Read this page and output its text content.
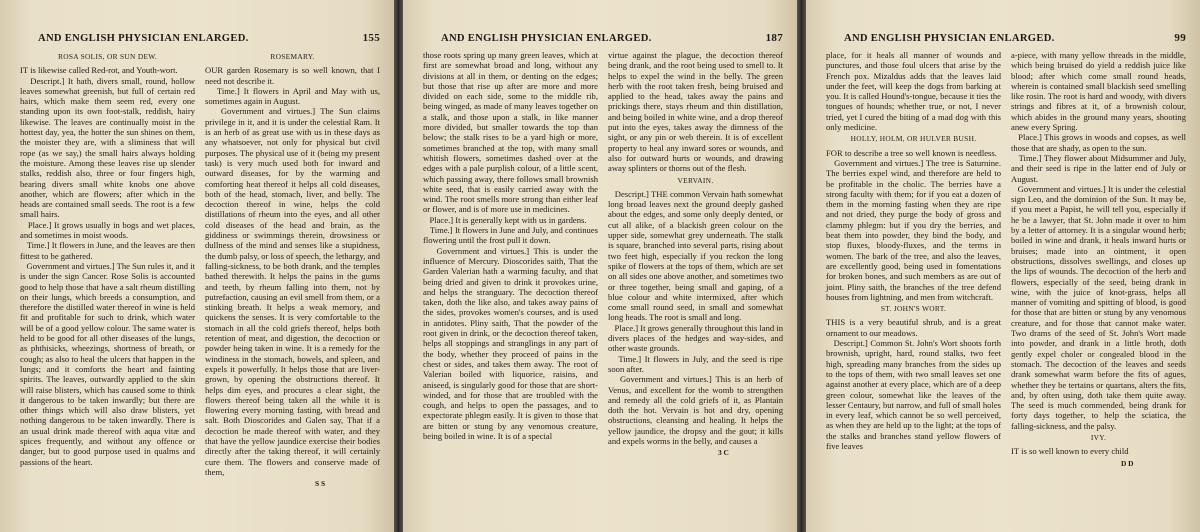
AND ENGLISH PHYSICIAN ENLARGED.	155
ROSA SOLIS, OR SUN DEW.

IT is likewise called Red-rot, and Youth-wort.
Descript.] It hath, divers small, round, hollow leaves somewhat greenish, but full of certain red hairs, which make them seem red, every one standing upon its own foot-stalk, reddish, hairy likewise. The leaves are continually moist in the hottest day, yea, the hotter the sun shines on them, the moister they are, with a sliminess that will rope (as we say,) the small hairs always holding the moisture. Among these leaves rise up slender stalks, reddish also, three or four fingers high, bearing divers small white knobs one above another, which are flowers; after which in the heads are contained small seeds. The root is a few small hairs.
Place.] It grows usually in bogs and wet places, and sometimes in moist woods.
Time.] It flowers in June, and the leaves are then fittest to be gathered.
Government and virtues.] The Sun rules it, and it is under the sign Cancer. Rose Solis is accounted good to help those that have a salt rheum distilling on their lungs, which breeds a consumption, and therefore the distilled water thereof in wine is held fit and profitable for such to drink, which water will be of a good yellow colour. The same water is held to be good for all other diseases of the lungs, as phthisicks, wheezings, shortness of breath, or cough; as also to heal the ulcers that happen in the lungs; and it comforts the heart and fainting spirits. The leaves, outwardly applied to the skin will raise blisters, which has caused some to think it dangerous to be taken inwardly; but there are other things which will also draw blisters, yet nothing dangerous to be taken inwardly. There is an usual drink made thereof with aqua vitæ and spices frequently, and without any offence or danger, but to good purpose used in qualms and passions of the heart.

ROSEMARY.

OUR garden Rosemary is so well known, that I need not describe it.
Time.] It flowers in April and May with us, sometimes again in August.
Government and virtues.] The Sun claims privilege in it, and it is under the celestial Ram. It is an herb of as great use with us in these days as any whatsoever, not only for physical but civil purposes. The physical use of it (being my present task) is very much used both for inward and outward diseases, for by the warming and comforting heat thereof it helps all cold diseases, both of the head, stomach, liver, and belly. The decoction thereof in wine, helps the cold distillations of rheum into the eyes, and all other cold diseases of the head and brain, as the giddiness or swimmings therein, drowsiness or dullness of the mind and senses like a stupidness, the dumb palsy, or loss of speech, the lethargy, and falling-sickness, to be both drank, and the temples bathed therewith. It helps the pains in the gums and teeth, by rheum falling into them, not by putrefaction, causing an evil smell from them, or a stinking breath. It helps a weak memory, and quickens the senses. It is very comfortable to the stomach in all the cold griefs thereof, helps both retention of meat, and digestion, the decoction or powder being taken in wine. It is a remedy for the windiness in the stomach, bowels, and spleen, and expels it powerfully. It helps those that are liver-grown, by opening the obstructions thereof. It helps dim eyes, and procures a clear sight, the flowers thereof being taken all the while it is flowering every morning fasting, with bread and salt. Both Dioscorides and Galen say, That if a decoction be made thereof with water, and they that have the yellow jaundice exercise their bodies directly after the taking thereof, it will certainly cure them. The flowers and conserve made of them,

S S
AND ENGLISH PHYSICIAN ENLARGED.	187

those roots spring up many green leaves, which at first are somewhat broad and long, without any divisions at all in them, or denting on the edges; but those that rise up after are more and more divided on each side, some to the middle rib, being winged, as made of many leaves together on a stalk, and those upon a stalk, in like manner more divided, but smaller towards the top than below; the stalk rises to be a yard high or more, sometimes branched at the top, with many small whitish flowers, sometimes dashed over at the edges with a pale purplish colour, of a little scent, which passing away, there follows small brownish white seed, that is easily carried away with the wind. The root smells more strong than either leaf or flower, and is of more use in medicines.
Place.] It is generally kept with us in gardens.
Time.] It flowers in June and July, and continues flowering until the frost pull it down.
Government and virtues.] This is under the influence of Mercury. Dioscorides saith, That the Garden Valerian hath a warming faculty, and that being dried and given to drink it provokes urine, and helps the stranguary. The decoction thereof taken, doth the like also, and takes away pains of the sides, provokes women's courses, and is used in antidotes. Pliny saith, That the powder of the root given in drink, or the decoction thereof taken, helps all stoppings and stranglings in any part of the body, whether they proceed of pains in the chest or sides, and takes them away. The root of Valerian boiled with liquorice, raisins, and aniseed, is singularly good for those that are short-winded, and for those that are troubled with the cough, and helps to open the passages, and to expectorate phlegm easily. It is given to those that are bitten or stung by any venomous creature, being boiled in wine. It is of a special

virtue against the plague, the decoction thereof being drank, and the root being used to smell to. It helps to expel the wind in the belly. The green herb with the root taken fresh, being bruised and applied to the head, takes away the pains and prickings there, stays rheum and thin distillation, and being boiled in white wine, and a drop thereof put into the eyes, takes away the dimness of the sight, or any pin or web therein. It is of excellent property to heal any inward sores or wounds, and also for outward hurts or wounds, and drawing away splinters or thorns out of the flesh.

VERVAIN.

Descript.] THE common Vervain hath somewhat long broad leaves next the ground deeply gashed about the edges, and some only deeply dented, or cut all alike, of a blackish green colour on the upper side, somewhat grey underneath. The stalk is square, branched into several parts, rising about two feet high, especially if you reckon the long spike of flowers at the tops of them, which are set on all sides one above another, and sometimes two or three together, being small and gaping, of a blue colour and white intermixed, after which come small round seed, in small and somewhat long heads. The root is small and long.
Place.] It grows generally throughout this land in divers places of the hedges and way-sides, and other waste grounds.
Time.] It flowers in July, and the seed is ripe soon after.
Government and virtues.] This is an herb of Venus, and excellent for the womb to strengthen and remedy all the cold griefs of it, as Plantain doth the hot. Vervain is hot and dry, opening obstructions, cleansing and healing. It helps the yellow jaundice, the dropsy and the gout; it kills and expels worms in the belly, and causes a

3 C
AND ENGLISH PHYSICIAN ENLARGED.	99

place, for it heals all manner of wounds and punctures, and those foul ulcers that arise by the French pox. Mizaldus adds that the leaves laid under the feet, will keep the dogs from barking at you. It is called Hound's-tongue, because it ties the tongues of hounds; whether true, or not, I never tried, yet I cured the biting of a mad dog with this only medicine.

HOLLY, HOLM, OR HULVER BUSH.

FOR to describe a tree so well known is needless.
Government and virtues.] The tree is Saturnine. The berries expel wind, and therefore are held to be profitable in the cholic. The berries have a strong faculty with them; for if you eat a dozen of them in the morning fasting when they are ripe and not dried, they purge the body of gross and clammy phlegm: but if you dry the berries, and beat them into powder, they bind the body, and stop fluxes, bloody-fluxes, and the terms in women. The bark of the tree, and also the leaves, are excellently good, being used in fomentations for broken bones, and such members as are out of joint. Pliny saith, the branches of the tree defend houses from lightning, and men from witchcraft.

ST. JOHN'S WORT.

THIS is a very beautiful shrub, and is a great ornament to our meadows.
Descript.] Common St. John's Wort shoots forth brownish, upright, hard, round stalks, two feet high, spreading many branches from the sides up to the tops of them, with two small leaves set one against another at every place, which are of a deep green colour, somewhat like the leaves of the lesser Centaury, but narrow, and full of small holes in every leaf, which cannot be so well perceived, as when they are held up to the light; at the tops of the stalks and branches stand yellow flowers of five leaves

a-piece, with many yellow threads in the middle, which being bruised do yield a reddish juice like blood; after which come small round heads, wherein is contained small blackish seed smelling like rosin. The root is hard and woody, with divers strings and fibres at it, of a brownish colour, which abides in the ground many years, shooting anew every Spring.
Place.] This grows in woods and copses, as well those that are shady, as open to the sun.
Time.] They flower about Midsummer and July, and their seed is ripe in the latter end of July or August.
Government and virtues.] It is under the celestial sign Leo, and the dominion of the Sun. It may be, if you meet a Papist, he will tell you, especially if he be a lawyer, that St. John made it over to him by a letter of attorney. It is a singular wound herb; boiled in wine and drank, it heals inward hurts or bruises; made into an ointment, it open obstructions, dissolves swellings, and closes up the lips of wounds. The decoction of the herb and flowers, especially of the seed, being drank in wine, with the juice of knot-grass, helps all manner of vomiting and spitting of blood, is good for those that are bitten or stung by any venomous creature, and for those that cannot make water. Two drams of the seed of St. John's Wort made into powder, and drank in a little broth, doth gently expel choler or congealed blood in the stomach. The decoction of the leaves and seeds drank somewhat warm before the fits of agues, whether they be tertains or quartans, alters the fits, and, by often using, doth take them quite away. The seed is much commended, being drank for forty days together, to help the sciatica, the falling-sickness, and the palsy.

IVY.

IT is so well known to every child

D D
